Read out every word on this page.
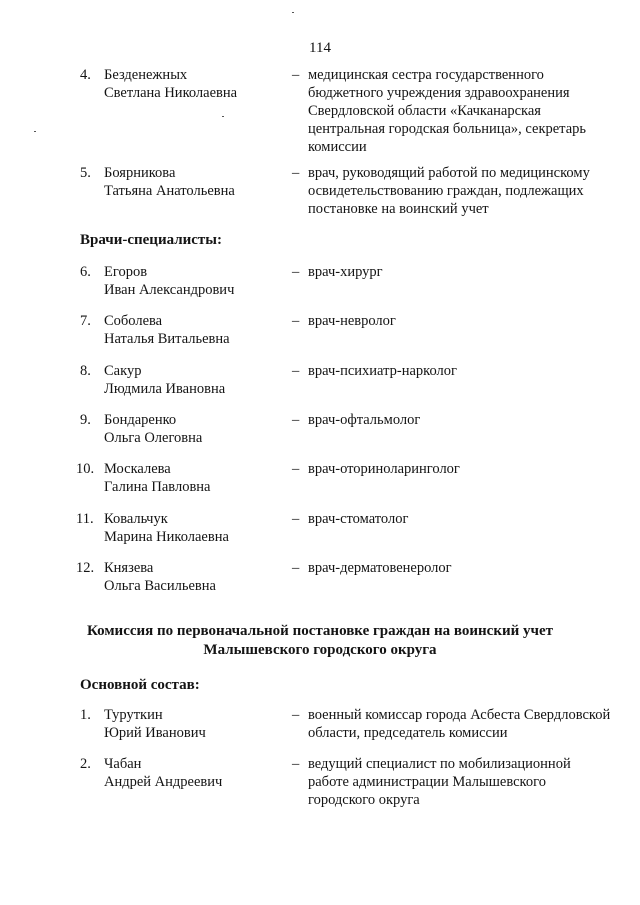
114
4. Безденежных
Светлана Николаевна
– медицинская сестра государственного бюджетного учреждения здравоохранения Свердловской области «Качканарская центральная городская больница», секретарь комиссии
5. Боярникова
Татьяна Анатольевна
– врач, руководящий работой по медицинскому освидетельствованию граждан, подлежащих постановке на воинский учет
Врачи-специалисты:
6. Егоров
Иван Александрович
– врач-хирург
7. Соболева
Наталья Витальевна
– врач-невролог
8. Сакур
Людмила Ивановна
– врач-психиатр-нарколог
9. Бондаренко
Ольга Олеговна
– врач-офтальмолог
10. Москалева
Галина Павловна
– врач-оториноларинголог
11. Ковальчук
Марина Николаевна
– врач-стоматолог
12. Князева
Ольга Васильевна
– врач-дерматовенеролог
Комиссия по первоначальной постановке граждан на воинский учет
Малышевского городского округа
Основной состав:
1. Туруткин
Юрий Иванович
– военный комиссар города Асбеста Свердловской области, председатель комиссии
2. Чабан
Андрей Андреевич
– ведущий специалист по мобилизационной работе администрации Малышевского городского округа
